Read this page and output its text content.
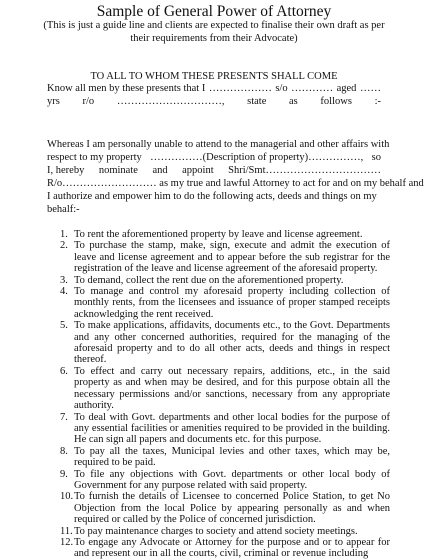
Sample of General Power of Attorney
(This is just a guide line and clients are expected to finalise their own draft as per their requirements from their Advocate)
TO ALL TO WHOM THESE PRESENTS SHALL COME
Know all men by these presents that I ……………… s/o ………… aged ……
yrs r/o …………………………, state as follows :-
Whereas I am personally unable to attend to the managerial and other affairs with
respect to my property ……………(Description of property)……………, so
I, hereby nominate and appoint Shri/Smt……………………………
R/o……………………… as my true and lawful Attorney to act for and on my behalf and
I authorize and empower him to do the following acts, deeds and things on my
behalf:-
1. To rent the aforementioned property by leave and license agreement.
2. To purchase the stamp, make, sign, execute and admit the execution of leave and license agreement and to appear before the sub registrar for the registration of the leave and license agreement of the aforesaid property.
3. To demand, collect the rent due on the aforementioned property.
4. To manage and control my aforesaid property including collection of monthly rents, from the licensees and issuance of proper stamped receipts acknowledging the rent received.
5. To make applications, affidavits, documents etc., to the Govt. Departments and any other concerned authorities, required for the managing of the aforesaid property and to do all other acts, deeds and things in respect thereof.
6. To effect and carry out necessary repairs, additions, etc., in the said property as and when may be desired, and for this purpose obtain all the necessary permissions and/or sanctions, necessary from any appropriate authority.
7. To deal with Govt. departments and other local bodies for the purpose of any essential facilities or amenities required to be provided in the building. He can sign all papers and documents etc. for this purpose.
8. To pay all the taxes, Municipal levies and other taxes, which may be, required to be paid.
9. To file any objections with Govt. departments or other local body of Government for any purpose related with said property.
10. To furnish the details of Licensee to concerned Police Station, to get No Objection from the local Police by appearing personally as and when required or called by the Police of concerned jurisdiction.
11. To pay maintenance charges to society and attend society meetings.
12. To engage any Advocate or Attorney for the purpose and or to appear for and represent our in all the courts, civil, criminal or revenue including
